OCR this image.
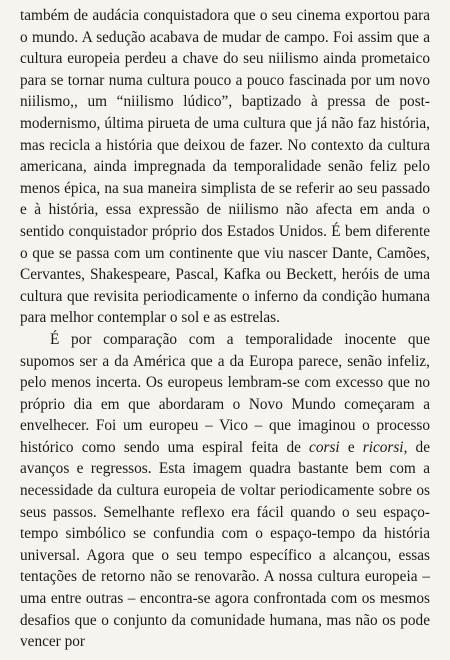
também de audácia conquistadora que o seu cinema exportou para o mundo. A sedução acabava de mudar de campo. Foi assim que a cultura europeia perdeu a chave do seu niilismo ainda prometaico para se tornar numa cultura pouco a pouco fascinada por um novo niilismo,, um “niilismo lúdico”, baptizado à pressa de post-modernismo, última pirueta de uma cultura que já não faz história, mas recicla a história que deixou de fazer. No contexto da cultura americana, ainda impregnada da temporalidade senão feliz pelo menos épica, na sua maneira simplista de se referir ao seu passado e à história, essa expressão de niilismo não afecta em anda o sentido conquistador próprio dos Estados Unidos. É bem diferente o que se passa com um continente que viu nascer Dante, Camões, Cervantes, Shakespeare, Pascal, Kafka ou Beckett, heróis de uma cultura que revisita periodicamente o inferno da condição humana para melhor contemplar o sol e as estrelas.

É por comparação com a temporalidade inocente que supomos ser a da América que a da Europa parece, senão infeliz, pelo menos incerta. Os europeus lembram-se com excesso que no próprio dia em que abordaram o Novo Mundo começaram a envelhecer. Foi um europeu – Vico – que imaginou o processo histórico como sendo uma espiral feita de corsi e ricorsi, de avanços e regressos. Esta imagem quadra bastante bem com a necessidade da cultura europeia de voltar periodicamente sobre os seus passos. Semelhante reflexo era fácil quando o seu espaço-tempo simbólico se confundia com o espaço-tempo da história universal. Agora que o seu tempo específico a alcançou, essas tentações de retorno não se renovarão. A nossa cultura europeia – uma entre outras – encontra-se agora confrontada com os mesmos desafios que o conjunto da comunidade humana, mas não os pode vencer por
